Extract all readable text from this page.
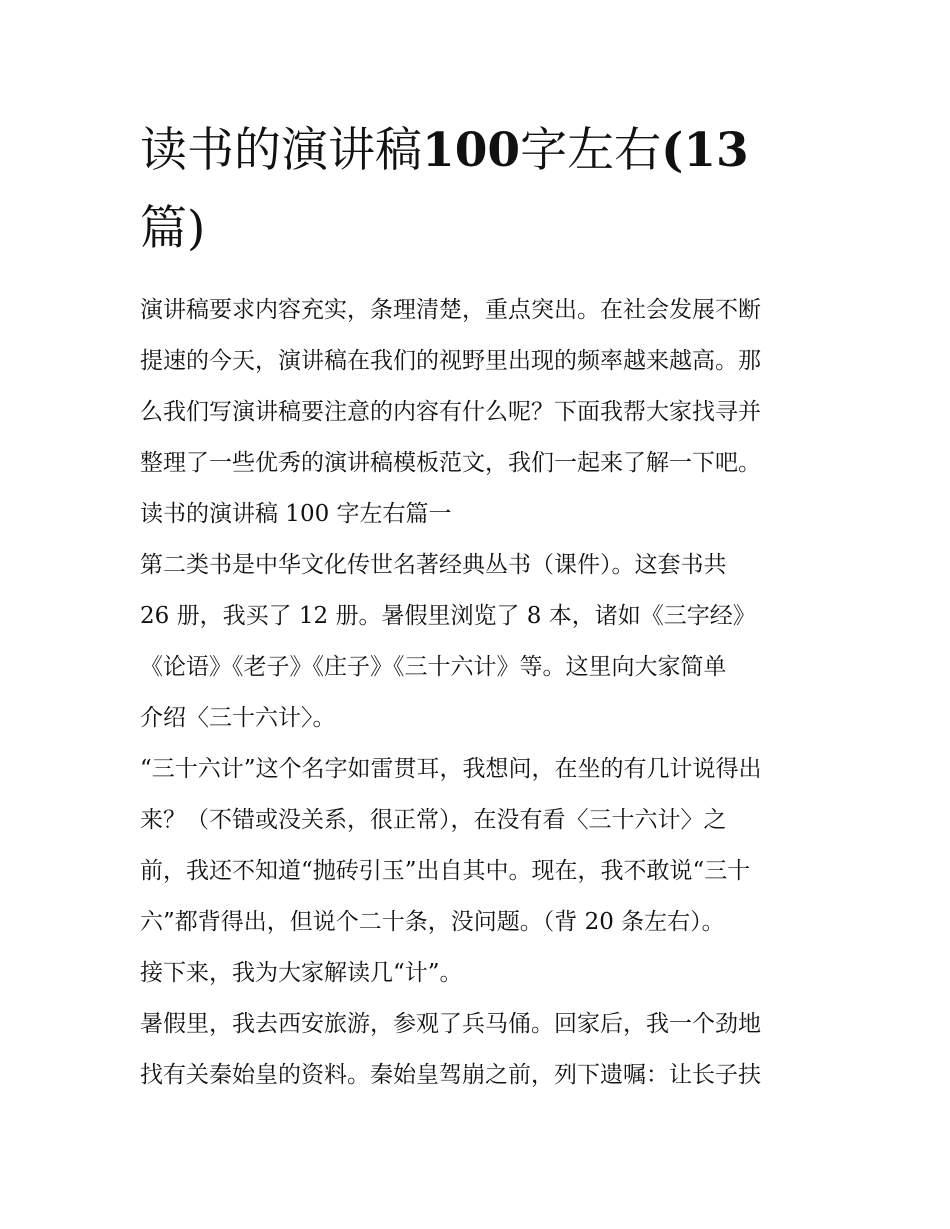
读书的演讲稿100字左右(13
篇)
演讲稿要求内容充实，条理清楚，重点突出。在社会发展不断
提速的今天，演讲稿在我们的视野里出现的频率越来越高。那
么我们写演讲稿要注意的内容有什么呢？下面我帮大家找寻并
整理了一些优秀的演讲稿模板范文，我们一起来了解一下吧。
读书的演讲稿 100 字左右篇一
第二类书是中华文化传世名著经典丛书（课件）。这套书共
26 册，我买了 12 册。暑假里浏览了 8 本，诸如《三字经》
《论语》《老子》《庄子》《三十六计》等。这里向大家简单
介绍〈三十六计〉。
“三十六计”这个名字如雷贯耳，我想问，在坐的有几计说得出
来？（不错或没关系，很正常），在没有看〈三十六计〉之
前，我还不知道“抛砖引玉”出自其中。现在，我不敢说“三十
六”都背得出，但说个二十条，没问题。（背 20 条左右）。
接下来，我为大家解读几“计”。
暑假里，我去西安旅游，参观了兵马俑。回家后，我一个劲地
找有关秦始皇的资料。秦始皇驾崩之前，列下遗嘱：让长子扶
